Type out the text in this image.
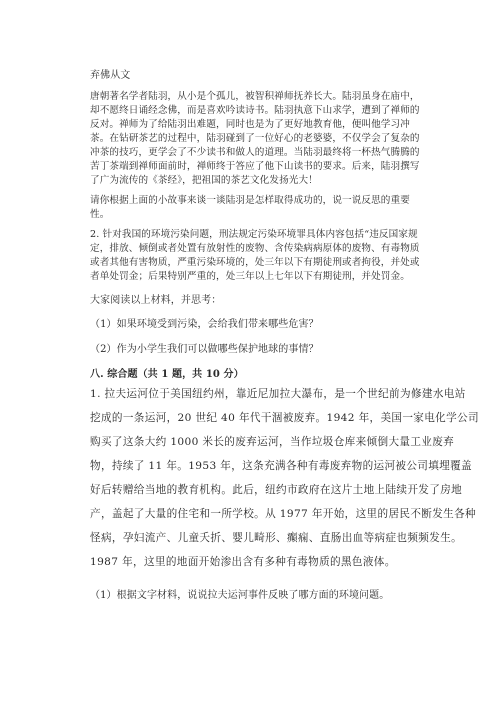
弃佛从文
唐朝著名学者陆羽，从小是个孤儿，被智积禅师抚养长大。陆羽虽身在庙中，
却不愿终日诵经念佛，而是喜欢吟读诗书。陆羽执意下山求学，遭到了禅师的
反对。禅师为了给陆羽出难题，同时也是为了更好地教育他，便叫他学习冲
茶。在钻研茶艺的过程中，陆羽碰到了一位好心的老婆婆，不仅学会了复杂的
冲茶的技巧，更学会了不少读书和做人的道理。当陆羽最终将一杯热气腾腾的
苦丁茶端到禅师面前时，禅师终于答应了他下山读书的要求。后来，陆羽撰写
了广为流传的《茶经》，把祖国的茶艺文化发扬光大！
请你根据上面的小故事来谈一谈陆羽是怎样取得成功的，说一说反思的重要
性。
2. 针对我国的环境污染问题，刑法规定污染环境罪具体内容包括“违反国家规
定，排放、倾倒或者处置有放射性的废物、含传染病病原体的废物、有毒物质
或者其他有害物质，严重污染环境的，处三年以下有期徒刑或者拘役，并处或
者单处罚金；后果特别严重的，处三年以上七年以下有期徒刑，并处罚金。
大家阅读以上材料，并思考：
（1）如果环境受到污染，会给我们带来哪些危害？
（2）作为小学生我们可以做哪些保护地球的事情？
八. 综合题（共 1 题，共 10 分）
1. 拉夫运河位于美国纽约州，靠近尼加拉大瀑布，是一个世纪前为修建水电站
挖成的一条运河，20 世纪 40 年代干涸被废弃。1942 年，美国一家电化学公司
购买了这条大约 1000 米长的废弃运河，当作垃圾仓库来倾倒大量工业废弃
物，持续了 11 年。1953 年，这条充满各种有毒废弃物的运河被公司填埋覆盖
好后转赠给当地的教育机构。此后，纽约市政府在这片土地上陆续开发了房地
产，盖起了大量的住宅和一所学校。从 1977 年开始，这里的居民不断发生各种
怪病，孕妇流产、儿童夭折、婴儿畸形、癫痫、直肠出血等病症也频频发生。
1987 年，这里的地面开始渗出含有多种有毒物质的黑色液体。
（1）根据文字材料，说说拉夫运河事件反映了哪方面的环境问题。
